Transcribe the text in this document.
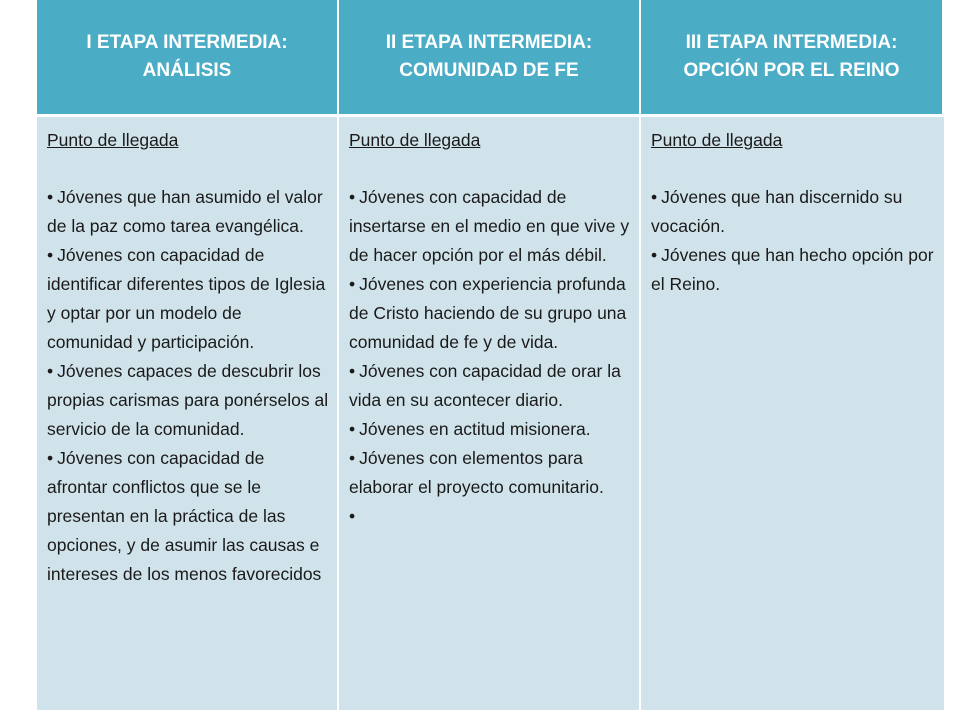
I ETAPA INTERMEDIA:
ANÁLISIS
II ETAPA INTERMEDIA:
COMUNIDAD DE FE
III ETAPA INTERMEDIA:
OPCIÓN POR EL REINO
Punto de llegada
• Jóvenes que han asumido el valor de la paz como tarea evangélica.
• Jóvenes con capacidad de identificar diferentes tipos de Iglesia y optar por un modelo de comunidad y participación.
• Jóvenes capaces de descubrir los propias carismas para ponérselos al servicio de la comunidad.
• Jóvenes con capacidad de afrontar conflictos que se le presentan en la práctica de las opciones, y de asumir las causas e intereses de los menos favorecidos
Punto de llegada
• Jóvenes con capacidad de insertarse en el medio en que vive y de hacer opción por el más débil.
• Jóvenes con experiencia profunda de Cristo haciendo de su grupo una comunidad de fe y de vida.
• Jóvenes con capacidad de orar la vida en su acontecer diario.
• Jóvenes en actitud misionera.
• Jóvenes con elementos para elaborar el proyecto comunitario.
•
Punto de llegada
• Jóvenes que han discernido su vocación.
• Jóvenes que han hecho opción por el Reino.
